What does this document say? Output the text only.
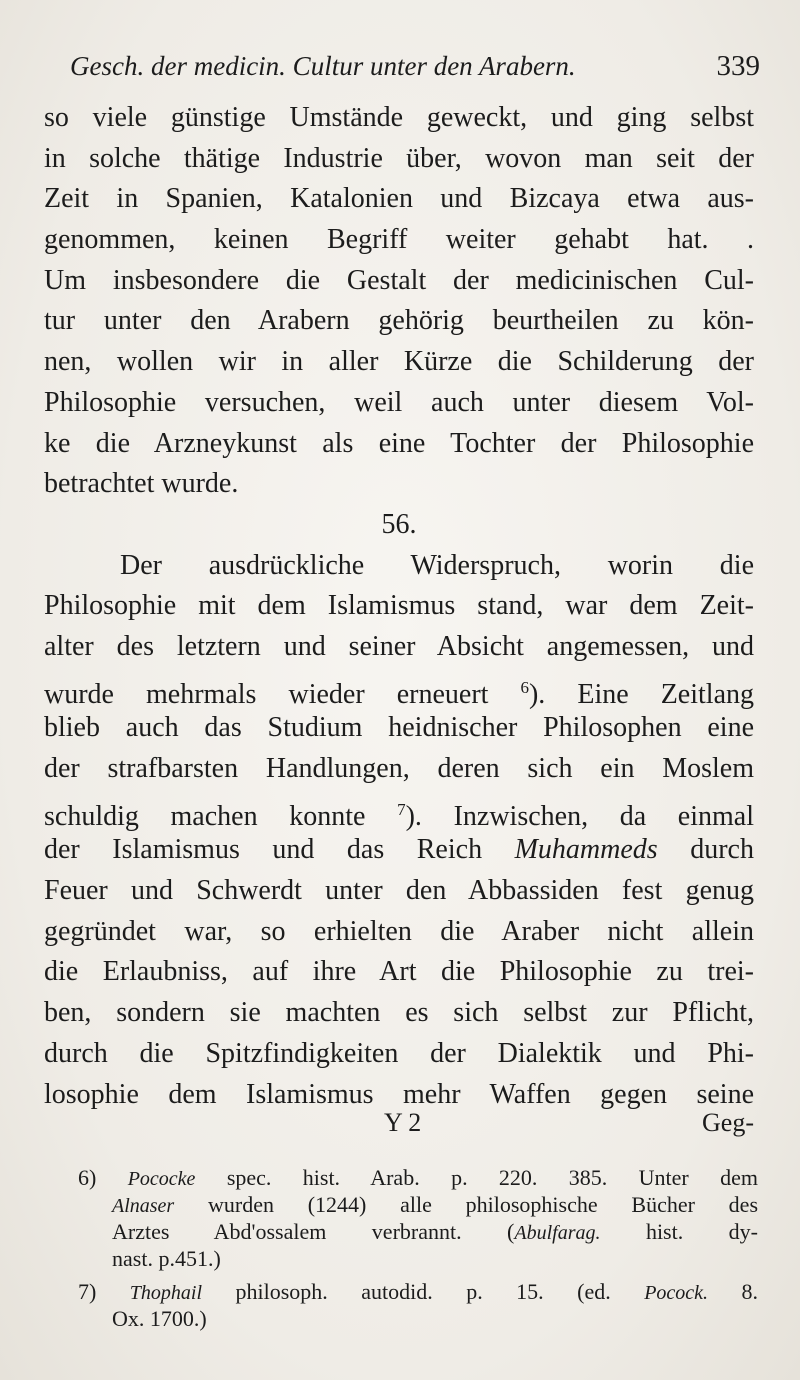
Gesch. der medicin. Cultur unter den Arabern.	339
so viele günstige Umstände geweckt, und ging selbst
in solche thätige Industrie über, wovon man seit der
Zeit in Spanien, Katalonien und Bizcaya etwa aus-
genommen, keinen Begriff weiter gehabt hat. .
Um insbesondere die Gestalt der medicinischen Cul-
tur unter den Arabern gehörig beurtheilen zu kön-
nen, wollen wir in aller Kürze die Schilderung der
Philosophie versuchen, weil auch unter diesem Vol-
ke die Arzneykunst als eine Tochter der Philosophie
betrachtet wurde.
56.
Der ausdrückliche Widerspruch, worin die
Philosophie mit dem Islamismus stand, war dem Zeit-
alter des letztern und seiner Absicht angemessen, und
wurde mehrmals wieder erneuert $^6$). Eine Zeitlang
blieb auch das Studium heidnischer Philosophen eine
der strafbarsten Handlungen, deren sich ein Moslem
schuldig machen konnte $^7$). Inzwischen, da einmal
der Islamismus und das Reich Muhammeds durch
Feuer und Schwerdt unter den Abbassiden fest genug
gegründet war, so erhielten die Araber nicht allein
die Erlaubniss, auf ihre Art die Philosophie zu trei-
ben, sondern sie machten es sich selbst zur Pflicht,
durch die Spitzfindigkeiten der Dialektik und Phi-
losophie dem Islamismus mehr Waffen gegen seine
Y 2	Geg-
6) Pococke spec. hist. Arab. p. 220. 385. Unter dem
Alnaser wurden (1244) alle philosophische Bücher des
Arztes Abd'ossalem verbrannt. (Abulfarag. hist. dy-
nast. p.451.)
7) Thophail philosoph. autodid. p. 15. (ed. Pocock. 8.
Ox. 1700.)
